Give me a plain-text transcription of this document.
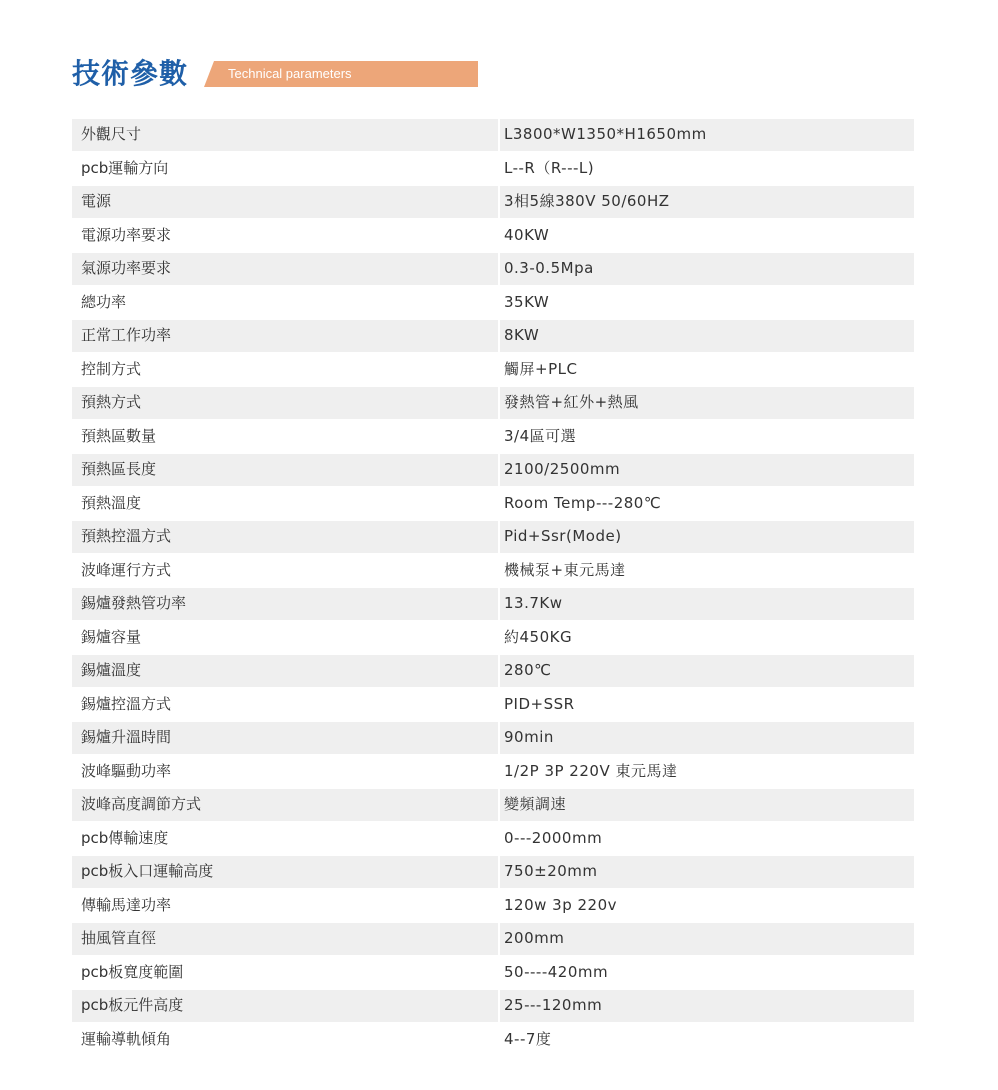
技術參數	Technical parameters
外觀尺寸	L3800*W1350*H1650mm
pcb運輸方向	L--R（R---L)
電源	3相5線380V 50/60HZ
電源功率要求	40KW
氣源功率要求	0.3-0.5Mpa
總功率	35KW
正常工作功率	8KW
控制方式	觸屏+PLC
預熱方式	發熱管+紅外+熱風
預熱區數量	3/4區可選
預熱區長度	2100/2500mm
預熱溫度	Room Temp---280℃
預熱控溫方式	Pid+Ssr(Mode)
波峰運行方式	機械泵+東元馬達
錫爐發熱管功率	13.7Kw
錫爐容量	約450KG
錫爐溫度	280℃
錫爐控溫方式	PID+SSR
錫爐升溫時間	90min
波峰驅動功率	1/2P 3P 220V 東元馬達
波峰高度調節方式	變頻調速
pcb傳輸速度	0---2000mm
pcb板入口運輸高度	750±20mm
傳輸馬達功率	120w 3p 220v
抽風管直徑	200mm
pcb板寬度範圍	50----420mm
pcb板元件高度	25---120mm
運輸導軌傾角	4--7度
